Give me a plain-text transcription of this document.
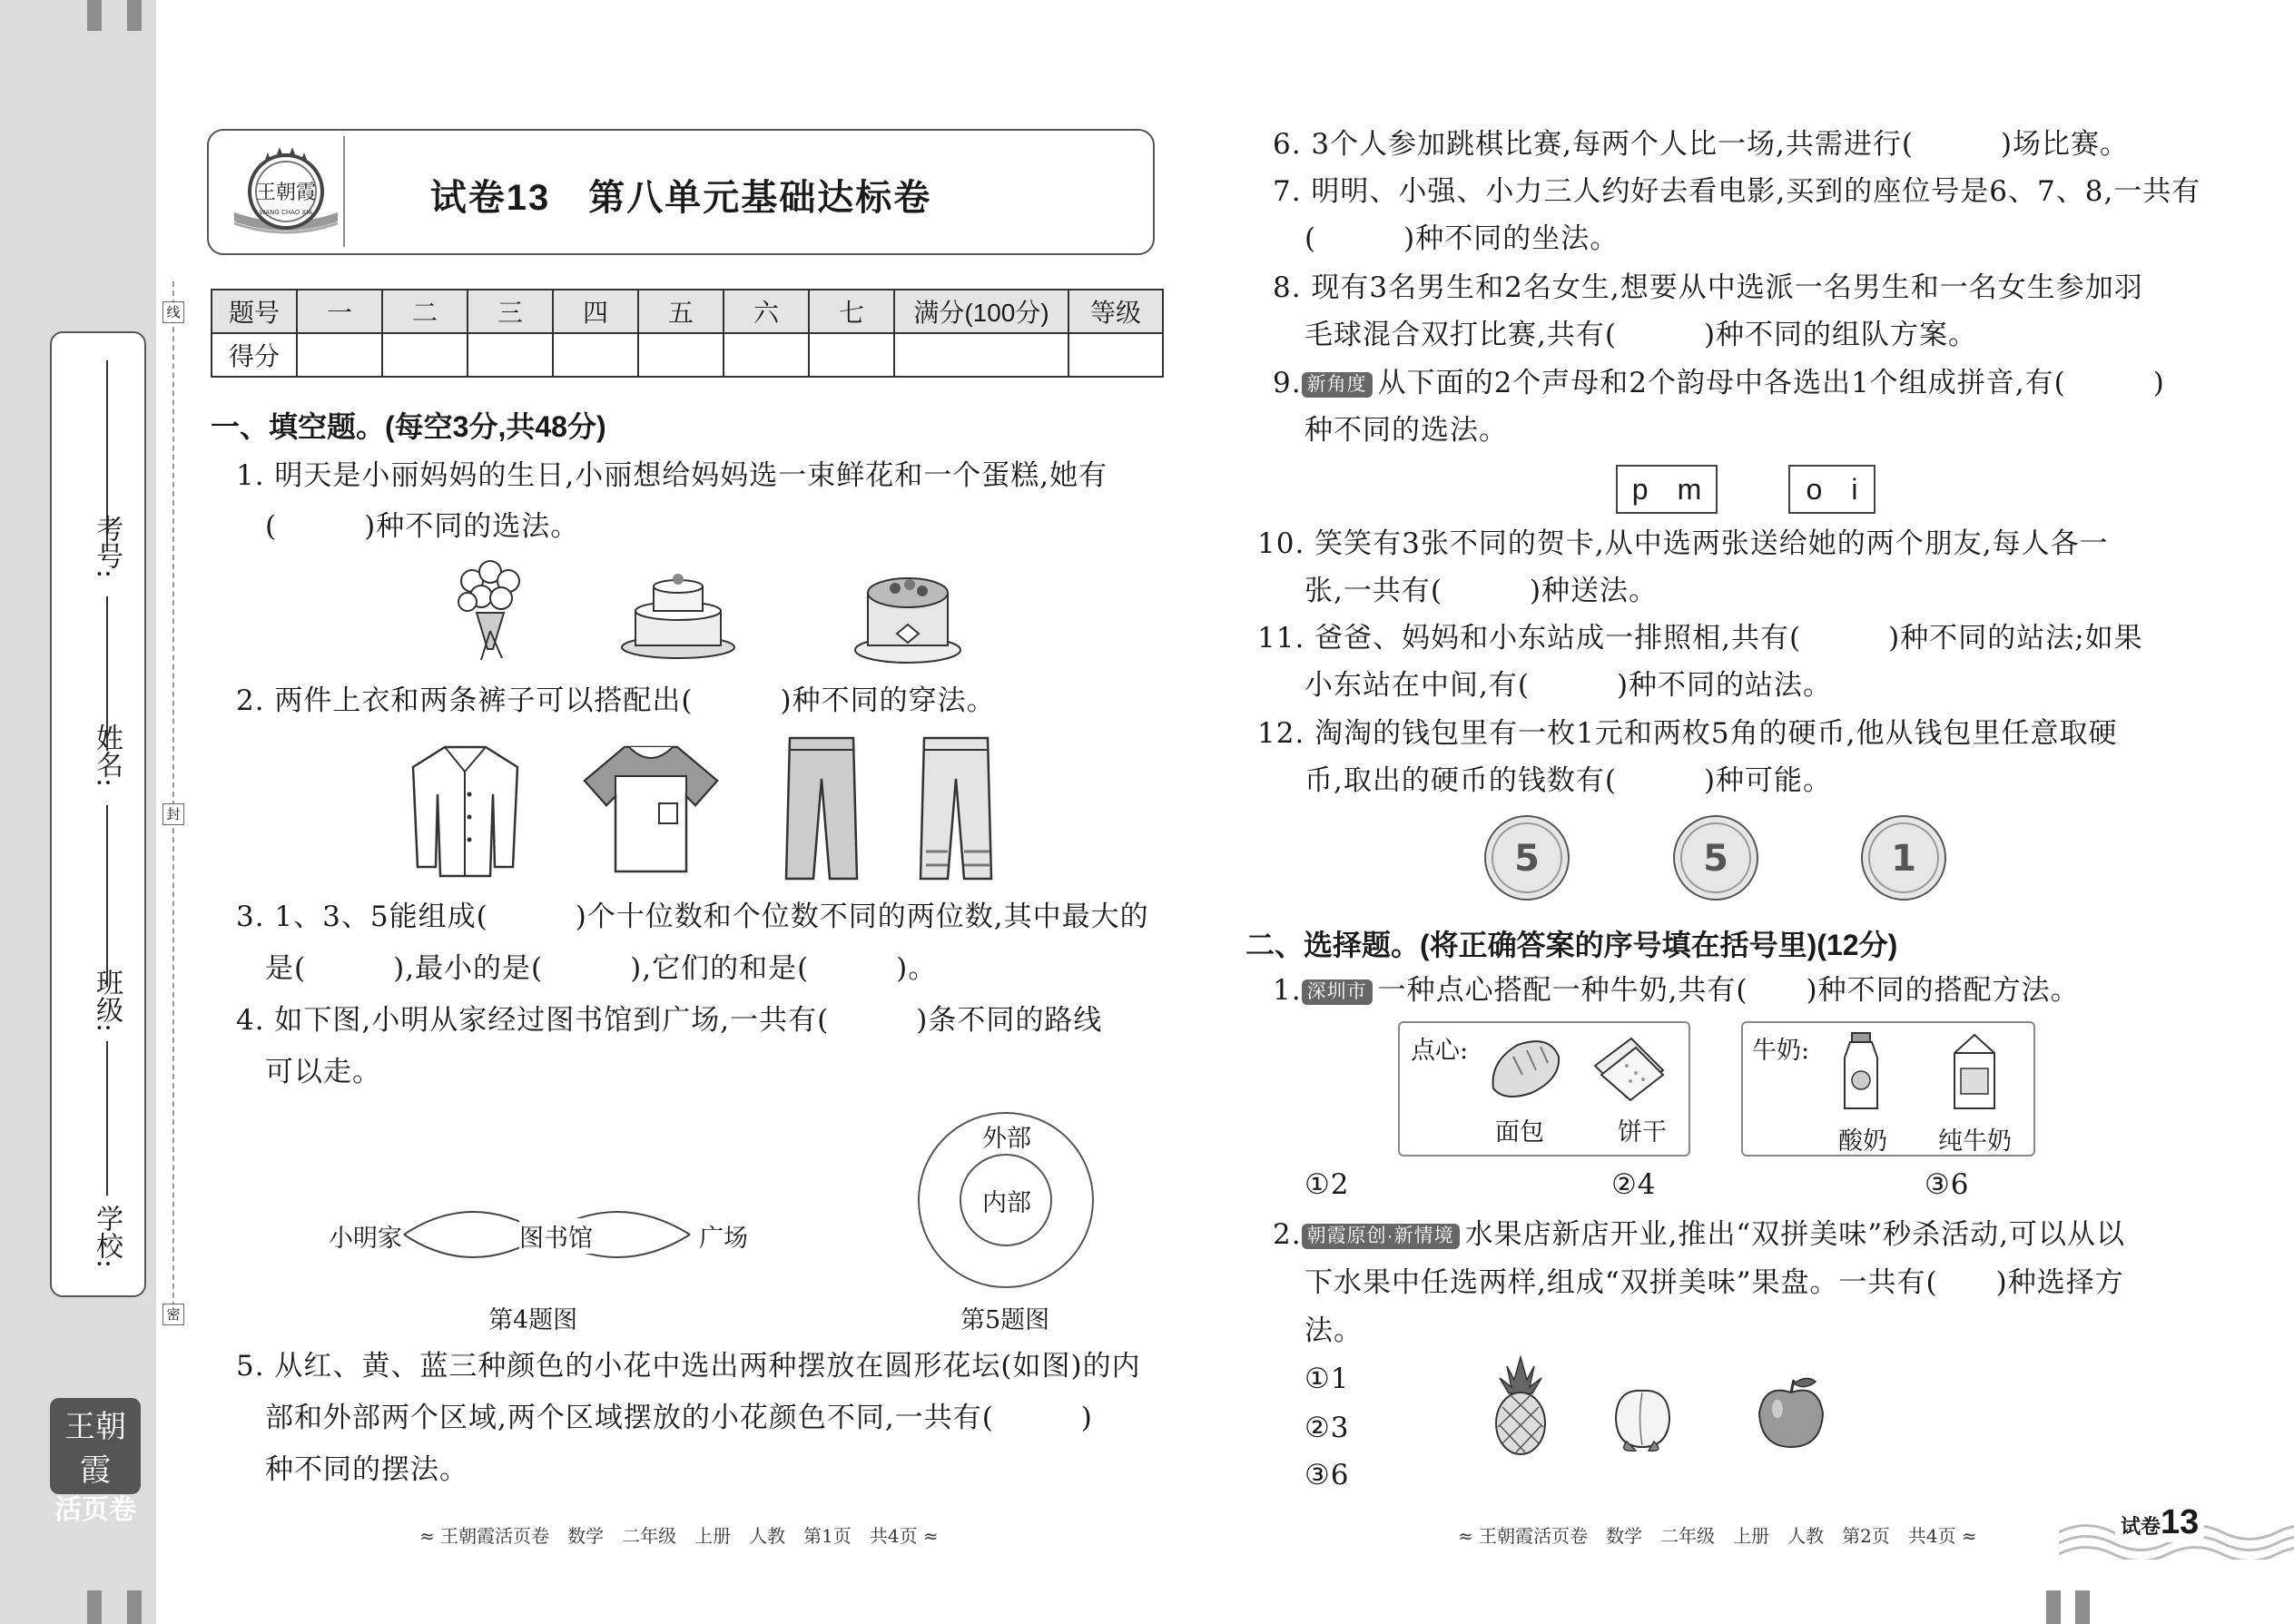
考号:
姓名:
班级:
学校:
线
封
密
王朝霞
活页卷
王朝霞
WANG CHAO XIA	试卷13　第八单元基础达标卷
题号	一	二	三	四	五	六	七	满分(100分)	等级
得分									
一、填空题。(每空3分,共48分)
1. 明天是小丽妈妈的生日,小丽想给妈妈选一束鲜花和一个蛋糕,她有
(　　　)种不同的选法。
2. 两件上衣和两条裤子可以搭配出(　　　)种不同的穿法。
3. 1、3、5能组成(　　　)个十位数和个位数不同的两位数,其中最大的
是(　　　),最小的是(　　　),它们的和是(　　　)。
4. 如下图,小明从家经过图书馆到广场,一共有(　　　)条不同的路线
可以走。
小明家	图书馆	广场
外部
内部
第4题图	第5题图
5. 从红、黄、蓝三种颜色的小花中选出两种摆放在圆形花坛(如图)的内
部和外部两个区域,两个区域摆放的小花颜色不同,一共有(　　　)
种不同的摆法。
≈ 王朝霞活页卷　数学　二年级　上册　人教　第1页　共4页 ≈
6. 3个人参加跳棋比赛,每两个人比一场,共需进行(　　　)场比赛。
7. 明明、小强、小力三人约好去看电影,买到的座位号是6、7、8,一共有
(　　　)种不同的坐法。
8. 现有3名男生和2名女生,想要从中选派一名男生和一名女生参加羽
毛球混合双打比赛,共有(　　　)种不同的组队方案。
9. 新角度 从下面的2个声母和2个韵母中各选出1个组成拼音,有(　　　)
种不同的选法。
p　m	o　i
10. 笑笑有3张不同的贺卡,从中选两张送给她的两个朋友,每人各一
张,一共有(　　　)种送法。
11. 爸爸、妈妈和小东站成一排照相,共有(　　　)种不同的站法;如果
小东站在中间,有(　　　)种不同的站法。
12. 淘淘的钱包里有一枚1元和两枚5角的硬币,他从钱包里任意取硬
币,取出的硬币的钱数有(　　　)种可能。
5	5	1
二、选择题。(将正确答案的序号填在括号里)(12分)
1. 深圳市 一种点心搭配一种牛奶,共有(　　)种不同的搭配方法。
点心:
面包	饼干
牛奶:
酸奶 纯牛奶
①2	②4	③6
2. 朝霞原创·新情境 水果店新店开业,推出“双拼美味”秒杀活动,可以从以
下水果中任选两样,组成“双拼美味”果盘。一共有(　　)种选择方
法。
①1
②3
③6
≈ 王朝霞活页卷　数学　二年级　上册　人教　第2页　共4页 ≈	试卷13
